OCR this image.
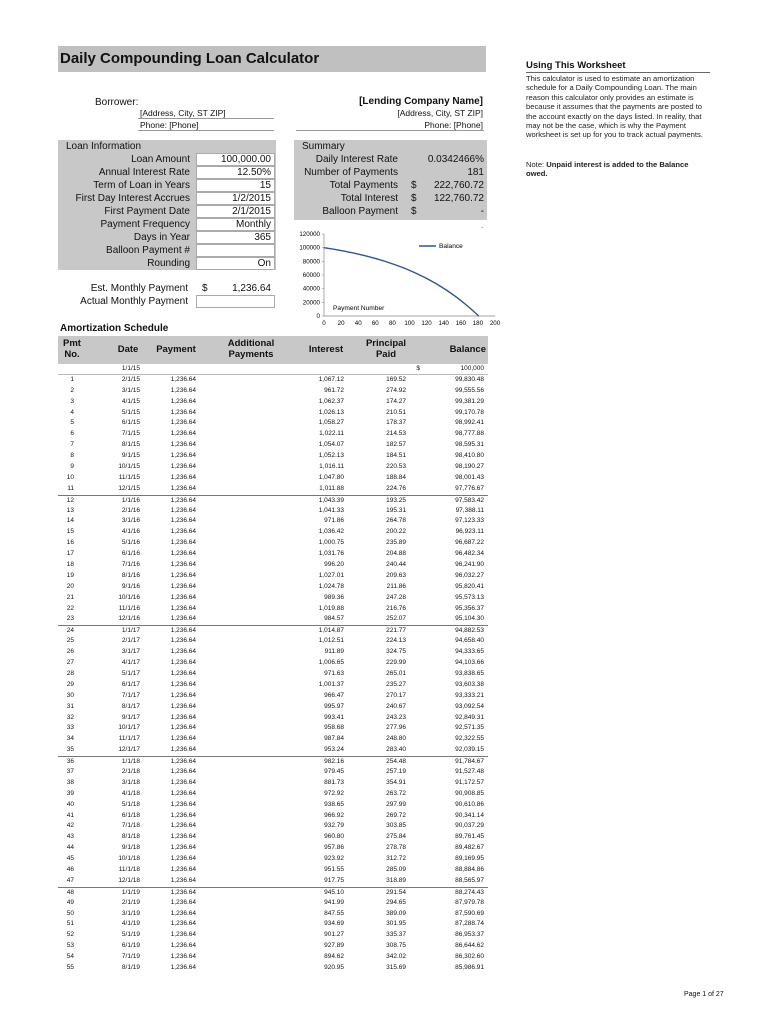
Daily Compounding Loan Calculator
Borrower:
[Address, City, ST ZIP]
Phone: [Phone]
[Lending Company Name]
[Address, City, ST ZIP]
Phone: [Phone]
Loan Information
Loan Amount	100,000.00
Annual Interest Rate	12.50%
Term of Loan in Years	15
First Day Interest Accrues	1/2/2015
First Payment Date	2/1/2015
Payment Frequency	Monthly
Days in Year	365
Balloon Payment #
Rounding	On
Est. Monthly Payment $	1,236.64
Actual Monthly Payment
Summary
Daily Interest Rate	0.0342466%
Number of Payments	181
Total Payments $	222,760.72
Total Interest $	122,760.72
Balloon Payment $	-
.
0
20000
40000
60000
80000
100000
120000
0 20 40 60 80 100 120 140 160 180 200
Balance
Payment Number
Amortization Schedule
Pmt No.	Date	Payment
Additional Payments	Interest
Principal Paid	Balance
1/1/15	$	100,000
1	2/1/15	1,236.64	1,067.12	169.52	99,830.48
2	3/1/15	1,236.64	961.72	274.92	99,555.56
3	4/1/15	1,236.64	1,062.37	174.27	99,381.29
4	5/1/15	1,236.64	1,026.13	210.51	99,170.78
5	6/1/15	1,236.64	1,058.27	178.37	98,992.41
6	7/1/15	1,236.64	1,022.11	214.53	98,777.88
7	8/1/15	1,236.64	1,054.07	182.57	98,595.31
8	9/1/15	1,236.64	1,052.13	184.51	98,410.80
9	10/1/15	1,236.64	1,016.11	220.53	98,190.27
10	11/1/15	1,236.64	1,047.80	188.84	98,001.43
11	12/1/15	1,236.64	1,011.88	224.76	97,776.67
12	1/1/16	1,236.64	1,043.39	193.25	97,583.42
13	2/1/16	1,236.64	1,041.33	195.31	97,388.11
14	3/1/16	1,236.64	971.86	264.78	97,123.33
15	4/1/16	1,236.64	1,036.42	200.22	96,923.11
16	5/1/16	1,236.64	1,000.75	235.89	96,687.22
17	6/1/16	1,236.64	1,031.76	204.88	96,482.34
18	7/1/16	1,236.64	996.20	240.44	96,241.90
19	8/1/16	1,236.64	1,027.01	209.63	96,032.27
20	9/1/16	1,236.64	1,024.78	211.86	95,820.41
21	10/1/16	1,236.64	989.36	247.28	95,573.13
22	11/1/16	1,236.64	1,019.88	216.76	95,356.37
23	12/1/16	1,236.64	984.57	252.07	95,104.30
24	1/1/17	1,236.64	1,014.87	221.77	94,882.53
25	2/1/17	1,236.64	1,012.51	224.13	94,658.40
26	3/1/17	1,236.64	911.89	324.75	94,333.65
27	4/1/17	1,236.64	1,006.65	229.99	94,103.66
28	5/1/17	1,236.64	971.63	265.01	93,838.65
29	6/1/17	1,236.64	1,001.37	235.27	93,603.38
30	7/1/17	1,236.64	966.47	270.17	93,333.21
31	8/1/17	1,236.64	995.97	240.67	93,092.54
32	9/1/17	1,236.64	993.41	243.23	92,849.31
33	10/1/17	1,236.64	958.68	277.96	92,571.35
34	11/1/17	1,236.64	987.84	248.80	92,322.55
35	12/1/17	1,236.64	953.24	283.40	92,039.15
36	1/1/18	1,236.64	982.16	254.48	91,784.67
37	2/1/18	1,236.64	979.45	257.19	91,527.48
38	3/1/18	1,236.64	881.73	354.91	91,172.57
39	4/1/18	1,236.64	972.92	263.72	90,908.85
40	5/1/18	1,236.64	938.65	297.99	90,610.86
41	6/1/18	1,236.64	966.92	269.72	90,341.14
42	7/1/18	1,236.64	932.79	303.85	90,037.29
43	8/1/18	1,236.64	960.80	275.84	89,761.45
44	9/1/18	1,236.64	957.86	278.78	89,482.67
45	10/1/18	1,236.64	923.92	312.72	89,169.95
46	11/1/18	1,236.64	951.55	285.09	88,884.86
47	12/1/18	1,236.64	917.75	318.89	88,565.97
48	1/1/19	1,236.64	945.10	291.54	88,274.43
49	2/1/19	1,236.64	941.99	294.65	87,979.78
50	3/1/19	1,236.64	847.55	389.09	87,590.69
51	4/1/19	1,236.64	934.69	301.95	87,288.74
52	5/1/19	1,236.64	901.27	335.37	86,953.37
53	6/1/19	1,236.64	927.89	308.75	86,644.62
54	7/1/19	1,236.64	894.62	342.02	86,302.60
55	8/1/19	1,236.64	920.95	315.69	85,986.91
Using This Worksheet
This calculator is used to estimate an amortization schedule for a Daily Compounding Loan. The main reason this calculator only provides an estimate is because it assumes that the payments are posted to the account exactly on the days listed. In reality, that may not be the case, which is why the Payment worksheet is set up for you to track actual payments.
Note: Unpaid interest is added to the Balance owed.
Page 1 of 27
